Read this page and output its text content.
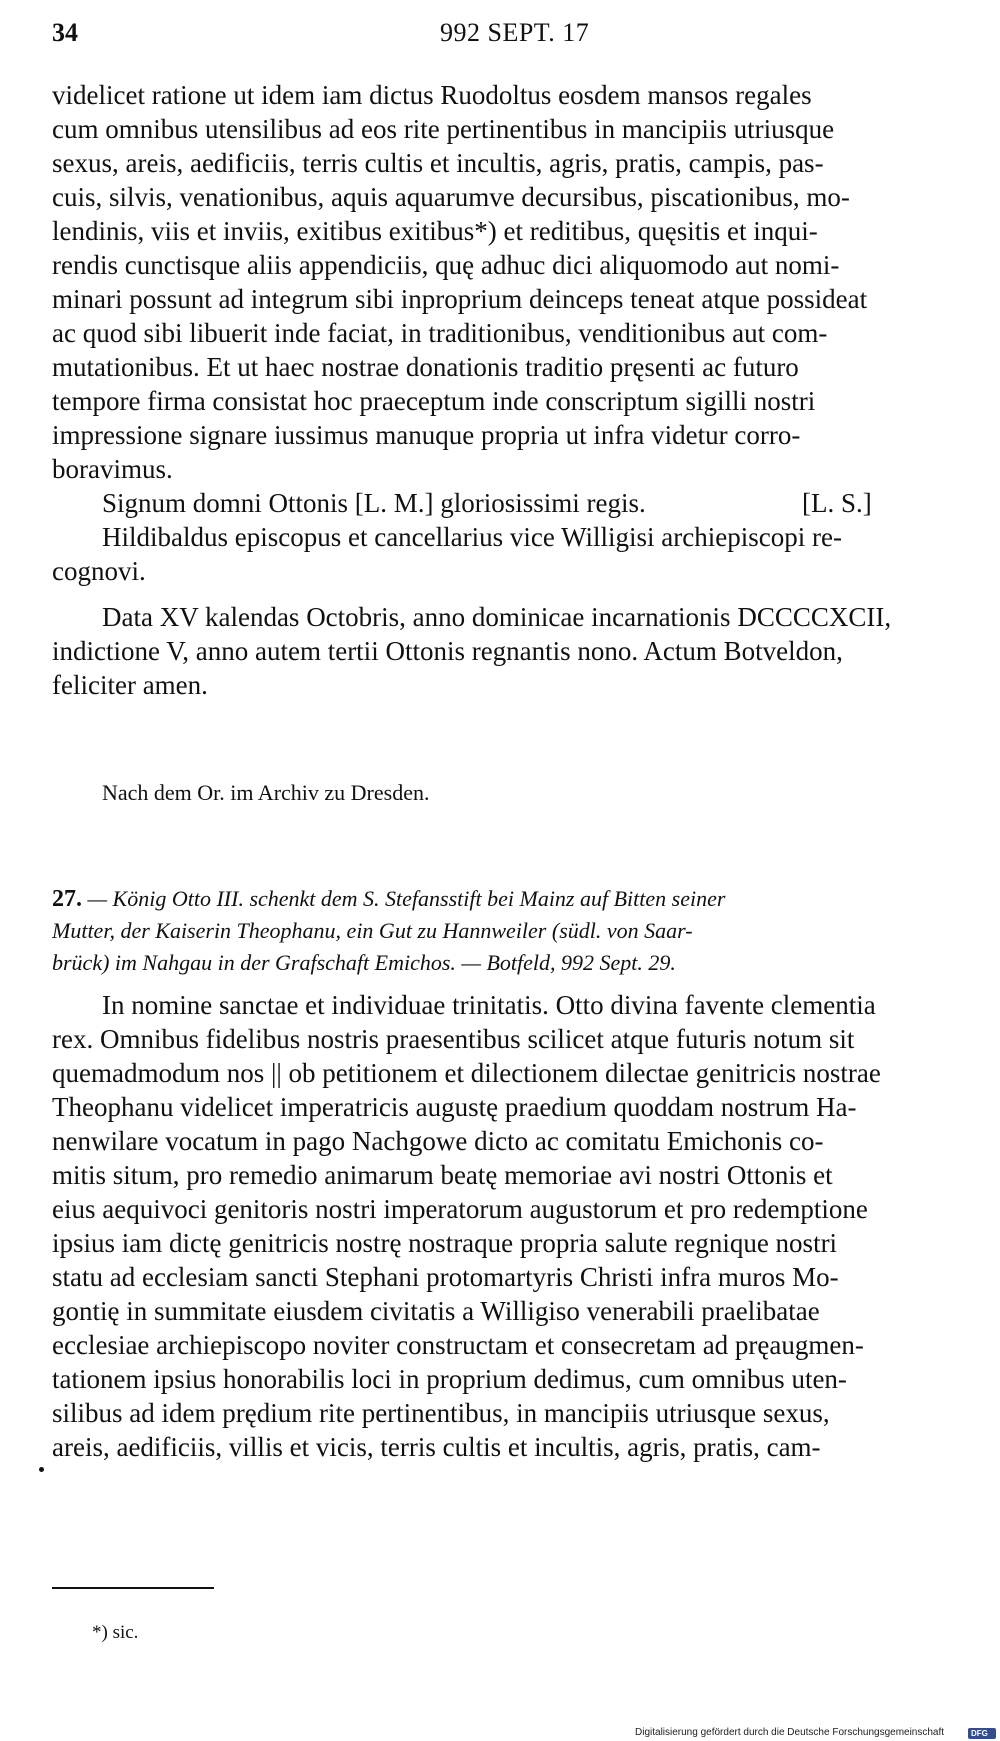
34	992 SEPT. 17
videlicet ratione ut idem iam dictus Ruodoltus eosdem mansos regales
cum omnibus utensilibus ad eos rite pertinentibus in mancipiis utriusque
sexus, areis, aedificiis, terris cultis et incultis, agris, pratis, campis, pas-
cuis, silvis, venationibus, aquis aquarumve decursibus, piscationibus, mo-
lendinis, viis et inviis, exitibus exitibus*) et reditibus, quęsitis et inqui-
rendis cunctisque aliis appendiciis, quę adhuc dici aliquomodo aut nomi-
minari possunt ad integrum sibi inproprium deinceps teneat atque possideat
ac quod sibi libuerit inde faciat, in traditionibus, venditionibus aut com-
mutationibus. Et ut haec nostrae donationis traditio pręsenti ac futuro
tempore firma consistat hoc praeceptum inde conscriptum sigilli nostri
impressione signare iussimus manuque propria ut infra videtur corro-
boravimus.
Signum domni Ottonis [L. M.] gloriosissimi regis.	[L. S.]
Hildibaldus episcopus et cancellarius vice Willigisi archiepiscopi re-
cognovi.
Data XV kalendas Octobris, anno dominicae incarnationis DCCCCXCII,
indictione V, anno autem tertii Ottonis regnantis nono. Actum Botveldon,
feliciter amen.
Nach dem Or. im Archiv zu Dresden.
27. — König Otto III. schenkt dem S. Stefansstift bei Mainz auf Bitten seiner
Mutter, der Kaiserin Theophanu, ein Gut zu Hannweiler (südl. von Saar-
brück) im Nahgau in der Grafschaft Emichos. — Botfeld, 992 Sept. 29.
In nomine sanctae et individuae trinitatis. Otto divina favente clementia
rex. Omnibus fidelibus nostris praesentibus scilicet atque futuris notum sit
quemadmodum nos || ob petitionem et dilectionem dilectae genitricis nostrae
Theophanu videlicet imperatricis augustę praedium quoddam nostrum Ha-
nenwilare vocatum in pago Nachgowe dicto ac comitatu Emichonis co-
mitis situm, pro remedio animarum beatę memoriae avi nostri Ottonis et
eius aequivoci genitoris nostri imperatorum augustorum et pro redemptione
ipsius iam dictę genitricis nostrę nostraque propria salute regnique nostri
statu ad ecclesiam sancti Stephani protomartyris Christi infra muros Mo-
gontię in summitate eiusdem civitatis a Willigiso venerabili praelibatae
ecclesiae archiepiscopo noviter constructam et consecretam ad pręaugmen-
tationem ipsius honorabilis loci in proprium dedimus, cum omnibus uten-
silibus ad idem prędium rite pertinentibus, in mancipiis utriusque sexus,
areis, aedificiis, villis et vicis, terris cultis et incultis, agris, pratis, cam-
*) sic.
Digitalisierung gefördert durch die Deutsche Forschungsgemeinschaft	DFG
